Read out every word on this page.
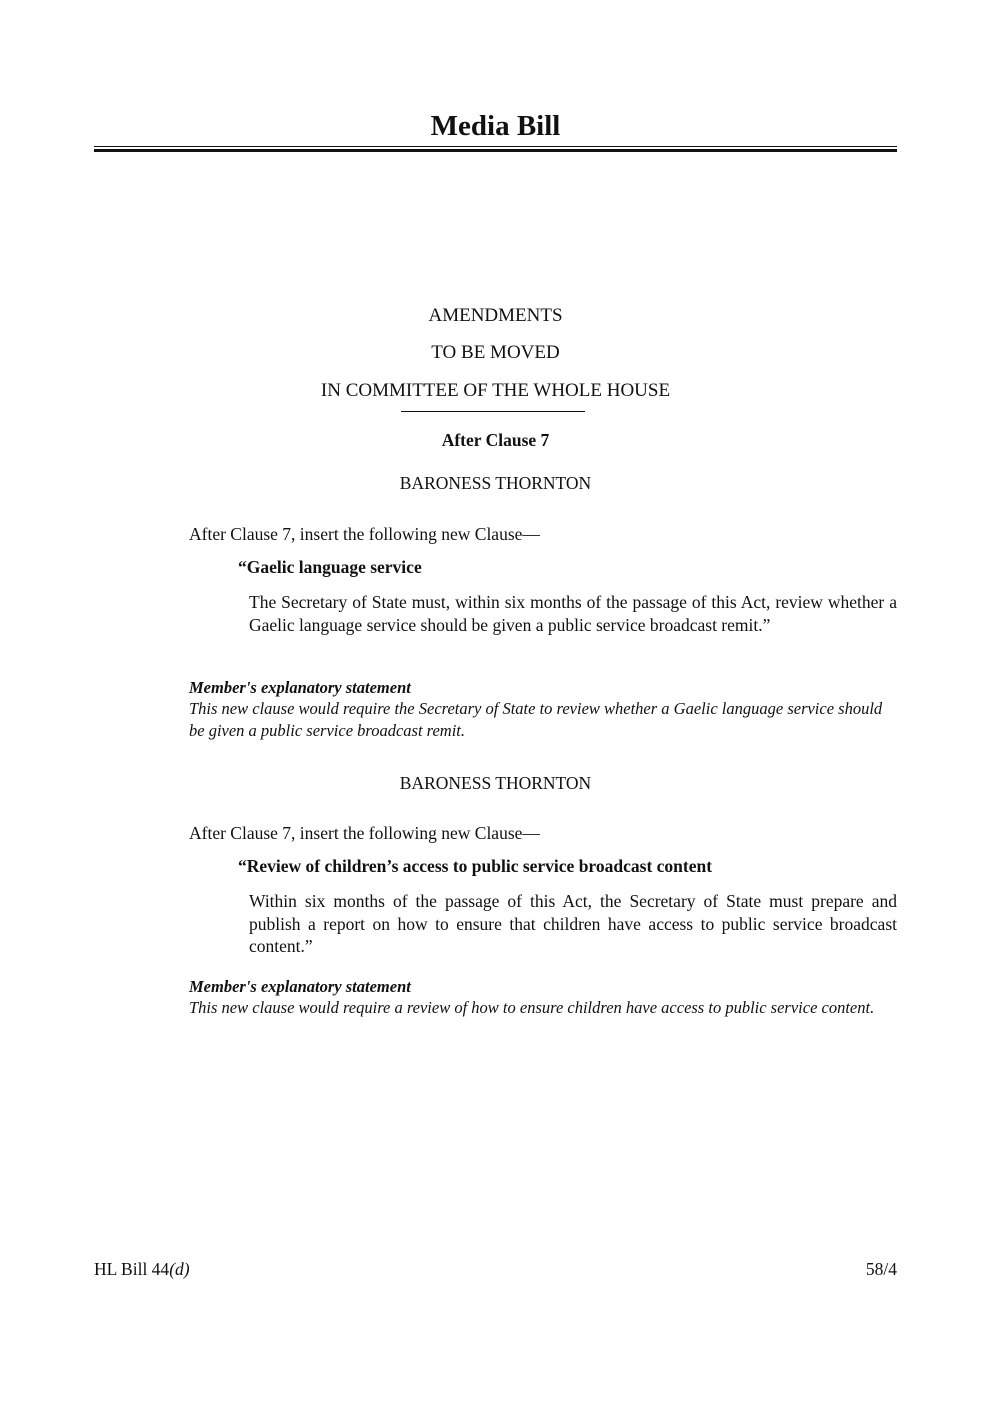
Media Bill
AMENDMENTS
TO BE MOVED
IN COMMITTEE OF THE WHOLE HOUSE
After Clause 7
BARONESS THORNTON
After Clause 7, insert the following new Clause—
“Gaelic language service
The Secretary of State must, within six months of the passage of this Act, review whether a Gaelic language service should be given a public service broadcast remit.”
Member's explanatory statement
This new clause would require the Secretary of State to review whether a Gaelic language service should be given a public service broadcast remit.
BARONESS THORNTON
After Clause 7, insert the following new Clause—
“Review of children’s access to public service broadcast content
Within six months of the passage of this Act, the Secretary of State must prepare and publish a report on how to ensure that children have access to public service broadcast content.”
Member's explanatory statement
This new clause would require a review of how to ensure children have access to public service content.
HL Bill 44(d)	58/4
